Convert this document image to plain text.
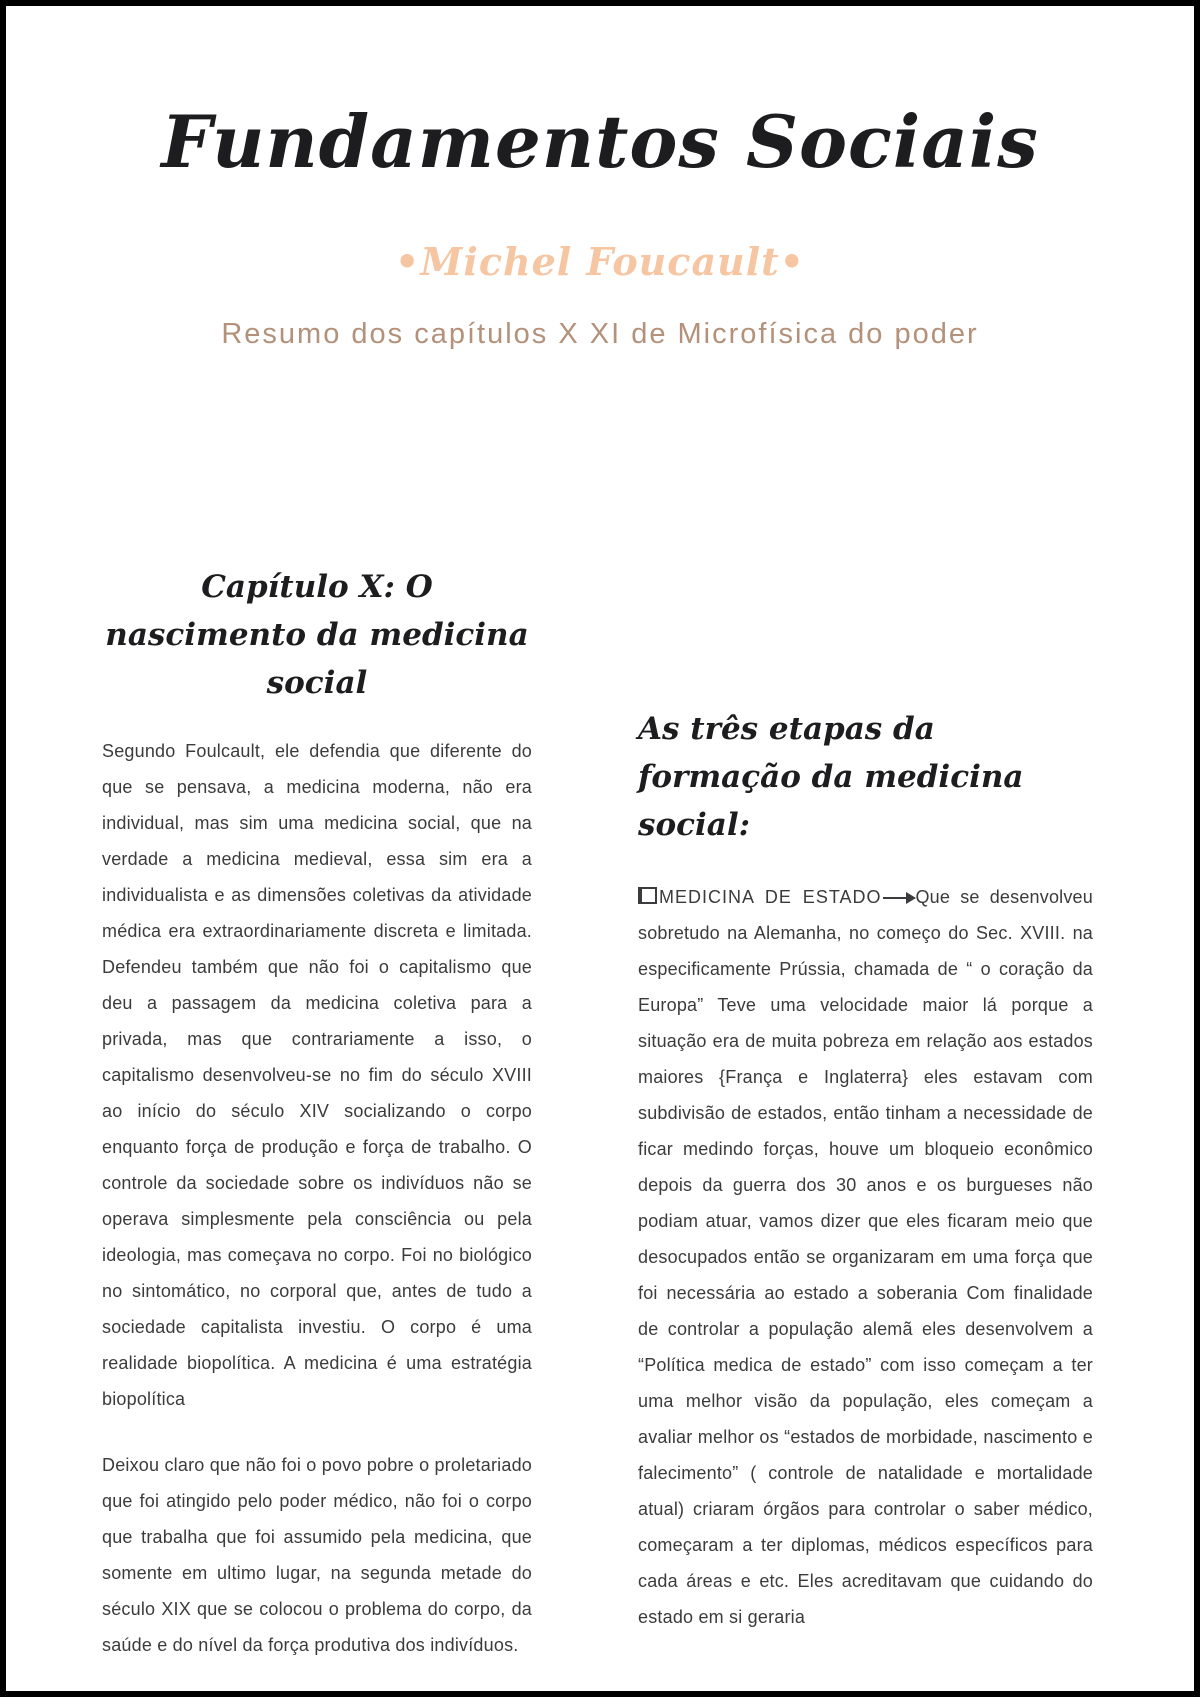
Fundamentos Sociais
•Michel Foucault•
Resumo dos capítulos X XI de Microfísica do poder
Capítulo X: O nascimento da medicina social

Segundo Foulcault, ele defendia que diferente do que se pensava, a medicina moderna, não era individual, mas sim uma medicina social, que na verdade a medicina medieval, essa sim era a individualista e as dimensões coletivas da atividade médica era extraordinariamente discreta e limitada. Defendeu também que não foi o capitalismo que deu a passagem da medicina coletiva para a privada, mas que contrariamente a isso, o capitalismo desenvolveu-se no fim do século XVIII ao início do século XIV socializando o corpo enquanto força de produção e força de trabalho. O controle da sociedade sobre os indivíduos não se operava simplesmente pela consciência ou pela ideologia, mas começava no corpo. Foi no biológico no sintomático, no corporal que, antes de tudo a sociedade capitalista investiu. O corpo é uma realidade biopolítica. A medicina é uma estratégia biopolítica

Deixou claro que não foi o povo pobre o proletariado que foi atingido pelo poder médico, não foi o corpo que trabalha que foi assumido pela medicina, que somente em ultimo lugar, na segunda metade do século XIX que se colocou o problema do corpo, da saúde e do nível da força produtiva dos indivíduos.

As três etapas da formação da medicina social:

MEDICINA DE ESTADO Que se desenvolveu sobretudo na Alemanha, no começo do Sec. XVIII. na especificamente Prússia, chamada de “ o coração da Europa” Teve uma velocidade maior lá porque a situação era de muita pobreza em relação aos estados maiores {França e Inglaterra} eles estavam com subdivisão de estados, então tinham a necessidade de ficar medindo forças, houve um bloqueio econômico depois da guerra dos 30 anos e os burgueses não podiam atuar, vamos dizer que eles ficaram meio que desocupados então se organizaram em uma força que foi necessária ao estado a soberania Com finalidade de controlar a população alemã eles desenvolvem a “Política medica de estado” com isso começam a ter uma melhor visão da população, eles começam a avaliar melhor os “estados de morbidade, nascimento e falecimento” ( controle de natalidade e mortalidade atual) criaram órgãos para controlar o saber médico, começaram a ter diplomas, médicos específicos para cada áreas e etc. Eles acreditavam que cuidando do estado em si geraria
